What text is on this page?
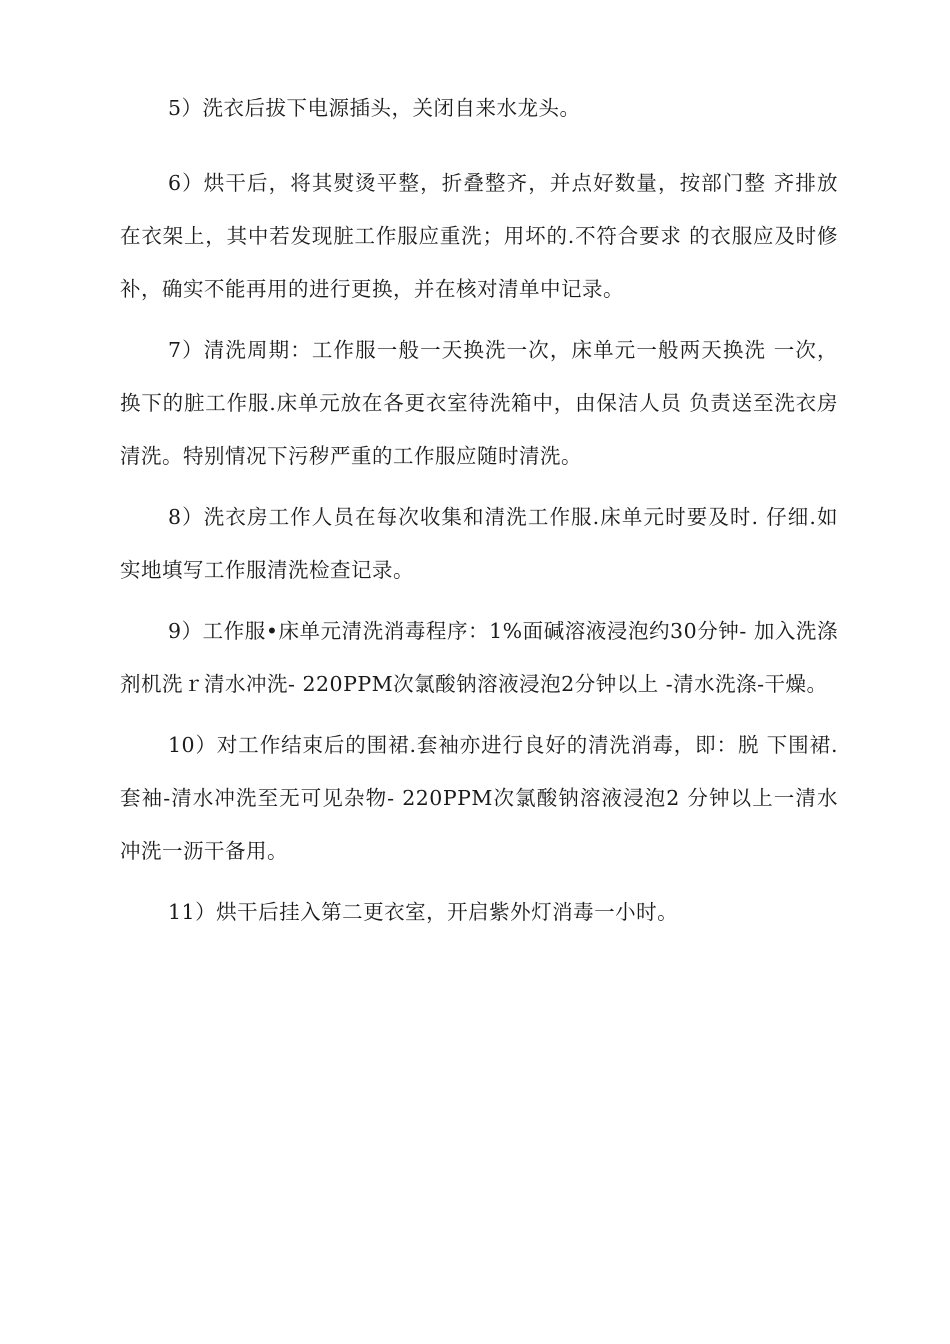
5）洗衣后拔下电源插头，关闭自来水龙头。

6）烘干后，将其熨烫平整，折叠整齐，并点好数量，按部门整 齐排放在衣架上，其中若发现脏工作服应重洗；用坏的.不符合要求 的衣服应及时修补，确实不能再用的进行更换，并在核对清单中记录。

7）清洗周期：工作服一般一天换洗一次，床单元一般两天换洗 一次，换下的脏工作服.床单元放在各更衣室待洗箱中，由保洁人员 负责送至洗衣房清洗。特别情况下污秽严重的工作服应随时清洗。

8）洗衣房工作人员在每次收集和清洗工作服.床单元时要及时. 仔细.如实地填写工作服清洗检查记录。

9）工作服•床单元清洗消毒程序：1%面碱溶液浸泡约30分钟- 加入洗涤剂机洗ｒ清水冲洗- 220PPM次氯酸钠溶液浸泡2分钟以上 -清水洗涤-干燥。

10）对工作结束后的围裙.套袖亦进行良好的清洗消毒，即：脱 下围裙.套袖-清水冲洗至无可见杂物- 220PPM次氯酸钠溶液浸泡2 分钟以上一清水冲洗一沥干备用。

11）烘干后挂入第二更衣室，开启紫外灯消毒一小时。
